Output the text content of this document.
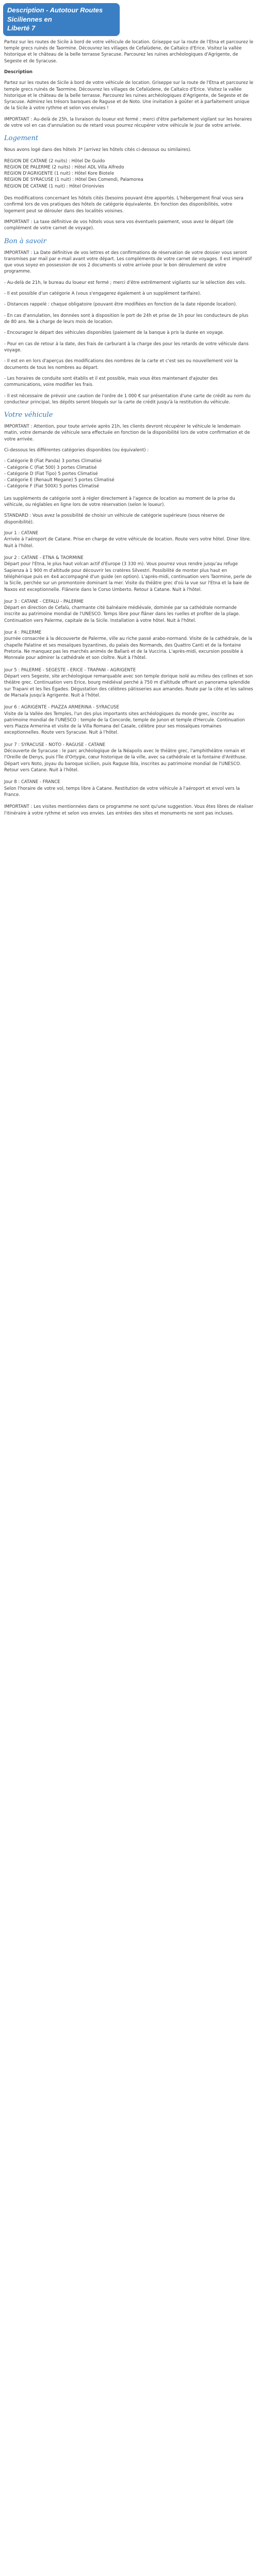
Description - Autotour Routes Siciliennes en
Liberté 7

Partez sur les routes de Sicile à bord de votre véhicule de location. Griseppe sur la route de l'Etna et parcourez le temple grecs ruinés de Taormine. Découvrez les villages de Cefalùdene, de Caltaïco d'Erice. Visitez la vallée historique et le château de la belle terrasse Syracuse. Parcourez les ruines archéologiques d'Agrigente, de Segeste et de Syracuse.

Description

Partez sur les routes de Sicile à bord de votre véhicule de location. Griseppe sur la route de l'Etna et parcourez le temple grecs ruinés de Taormine. Découvrez les villages de Cefalùdene, de Caltaïco d'Erice. Visitez la vallée historique et le château de la belle terrasse. Parcourez les ruines archéologiques d'Agrigente, de Segeste et de Syracuse. Admirez les trésors baroques de Raguse et de Noto. Une invitation à goûter et à parfaitement unique de la Sicile à votre rythme et selon vos envies !

IMPORTANT : Au-delà de 25h, la livraison du loueur est fermé ; merci d'être parfaitement vigilant sur les horaires de votre vol en cas d'annulation ou de retard vous pourrez récupérer votre véhicule le jour de votre arrivée.

Logement

Nous avons logé dans des hôtels 3* (arrivez les hôtels cités ci-dessous ou similaires).

REGION DE CATANE (2 nuits) : Hôtel De Guido

REGION DE PALERME (2 nuits) : Hôtel ADL Villa Alfredo

REGION D'AGRIGENTE (1 nuit) : Hôtel Kore Biotele

REGION DE SYRACUSE (1 nuit) : Hôtel Des Comendi, Palamorea

REGION DE CATANE (1 nuit) : Hôtel Orionivies

Des modifications concernant les hôtels cités (besoins pouvant être apportés. L'hébergement final vous sera confirmé lors de vos pratiques des hôtels de catégorie équivalente. En fonction des disponibilités, votre logement peut se dérouler dans des localités voisines.

IMPORTANT : La taxe définitive de vos hôtels vous sera vos éventuels paiement, vous avez le départ (de complément de votre carnet de voyage).

Bon à savoir

IMPORTANT : La Date définitive de vos lettres et des confirmations de réservation de votre dossier vous seront transmises par mail par e-mail avant votre départ. Les compléments de votre carnet de voyages. Il est impératif que vous soyez en possession de vos 2 documents si votre arrivée pour le bon déroulement de votre programme.

- Au-delà de 21h, le bureau du loueur est fermé ; merci d'être extrêmement vigilants sur le sélection des vols.

- Il est possible d'un catégorie A (vous s'engagerez également à un supplément tarifaire).

- Distances rappelé : chaque obligatoire (pouvant être modifiées en fonction de la date réponde location).

- En cas d'annulation, les données sont à disposition le port de 24h et prise de 1h pour les conducteurs de plus de 80 ans. Ne à charge de leurs mois de location.

- Encouragez le départ des véhicules disponibles (paiement de la banque à pris la durée en voyage.

- Pour en cas de retour à la date, des frais de carburant à la charge des pour les retards de votre véhicule dans voyage.

- Il est en en lors d'aperçus des modifications des nombres de la carte et c'est ses ou nouvellement voir la documents de tous les nombres au départ.

- Les horaires de conduite sont établis et il est possible, mais vous êtes maintenant d'ajouter des communications, voire modifier les frais.

- Il est nécessaire de prévoir une caution de l'ordre de 1 000 € sur présentation d'une carte de crédit au nom du conducteur principal, les dépôts seront bloqués sur la carte de crédit jusqu'à la restitution du véhicule.

Votre véhicule

IMPORTANT : Attention, pour toute arrivée après 21h, les clients devront récupérer le véhicule le lendemain matin, votre demande de véhicule sera effectuée en fonction de la disponibilité lors de votre confirmation et de votre arrivée.

Ci-dessous les différentes catégories disponibles (ou équivalent) :

- Catégorie B (Fiat Panda) 3 portes Climatisé

- Catégorie C (Fiat 500) 3 portes Climatisé

- Catégorie D (Fiat Tipo) 5 portes Climatisé

- Catégorie E (Renault Megane) 5 portes Climatisé

- Catégorie F (Fiat 500X) 5 portes Climatisé

Les suppléments de catégorie sont à régler directement à l'agence de location au moment de la prise du véhicule, ou réglables en ligne lors de votre réservation (selon le loueur).

STANDARD : Vous avez la possibilité de choisir un véhicule de catégorie supérieure (sous réserve de disponibilité).

Jour 1 : CATANE

Arrivée à l'aéroport de Catane. Prise en charge de votre véhicule de location. Route vers votre hôtel. Diner libre. Nuit à l'hôtel.

Jour 2 : CATANE - ETNA & TAORMINE

Départ pour l'Etna, le plus haut volcan actif d'Europe (3 330 m). Vous pourrez vous rendre jusqu'au refuge Sapienza à 1 900 m d'altitude pour découvrir les cratères Silvestri. Possibilité de monter plus haut en téléphérique puis en 4x4 accompagné d'un guide (en option). L'après-midi, continuation vers Taormine, perle de la Sicile, perchée sur un promontoire dominant la mer. Visite du théâtre grec d'où la vue sur l'Etna et la baie de Naxos est exceptionnelle. Flânerie dans le Corso Umberto. Retour à Catane. Nuit à l'hôtel.

Jour 3 : CATANE - CEFALU - PALERME

Départ en direction de Cefalù, charmante cité balnéaire médiévale, dominée par sa cathédrale normande inscrite au patrimoine mondial de l'UNESCO. Temps libre pour flâner dans les ruelles et profiter de la plage. Continuation vers Palerme, capitale de la Sicile. Installation à votre hôtel. Nuit à l'hôtel.

Jour 4 : PALERME

Journée consacrée à la découverte de Palerme, ville au riche passé arabo-normand. Visite de la cathédrale, de la chapelle Palatine et ses mosaïques byzantines, du palais des Normands, des Quattro Canti et de la fontaine Pretoria. Ne manquez pas les marchés animés de Ballarò et de la Vucciria. L'après-midi, excursion possible à Monreale pour admirer la cathédrale et son cloître. Nuit à l'hôtel.

Jour 5 : PALERME - SEGESTE - ERICE - TRAPANI - AGRIGENTE

Départ vers Segeste, site archéologique remarquable avec son temple dorique isolé au milieu des collines et son théâtre grec. Continuation vers Erice, bourg médiéval perché à 750 m d'altitude offrant un panorama splendide sur Trapani et les îles Égades. Dégustation des célèbres pâtisseries aux amandes. Route par la côte et les salines de Marsala jusqu'à Agrigente. Nuit à l'hôtel.

Jour 6 : AGRIGENTE - PIAZZA ARMERINA - SYRACUSE

Visite de la Vallée des Temples, l'un des plus importants sites archéologiques du monde grec, inscrite au patrimoine mondial de l'UNESCO : temple de la Concorde, temple de Junon et temple d'Hercule. Continuation vers Piazza Armerina et visite de la Villa Romana del Casale, célèbre pour ses mosaïques romaines exceptionnelles. Route vers Syracuse. Nuit à l'hôtel.

Jour 7 : SYRACUSE - NOTO - RAGUSE - CATANE

Découverte de Syracuse : le parc archéologique de la Néapolis avec le théâtre grec, l'amphithéâtre romain et l'Oreille de Denys, puis l'île d'Ortygie, cœur historique de la ville, avec sa cathédrale et la fontaine d'Aréthuse. Départ vers Noto, joyau du baroque sicilien, puis Raguse Ibla, inscrites au patrimoine mondial de l'UNESCO. Retour vers Catane. Nuit à l'hôtel.

Jour 8 : CATANE - FRANCE

Selon l'horaire de votre vol, temps libre à Catane. Restitution de votre véhicule à l'aéroport et envol vers la France.

IMPORTANT : Les visites mentionnées dans ce programme ne sont qu'une suggestion. Vous êtes libres de réaliser l'itinéraire à votre rythme et selon vos envies. Les entrées des sites et monuments ne sont pas incluses.
